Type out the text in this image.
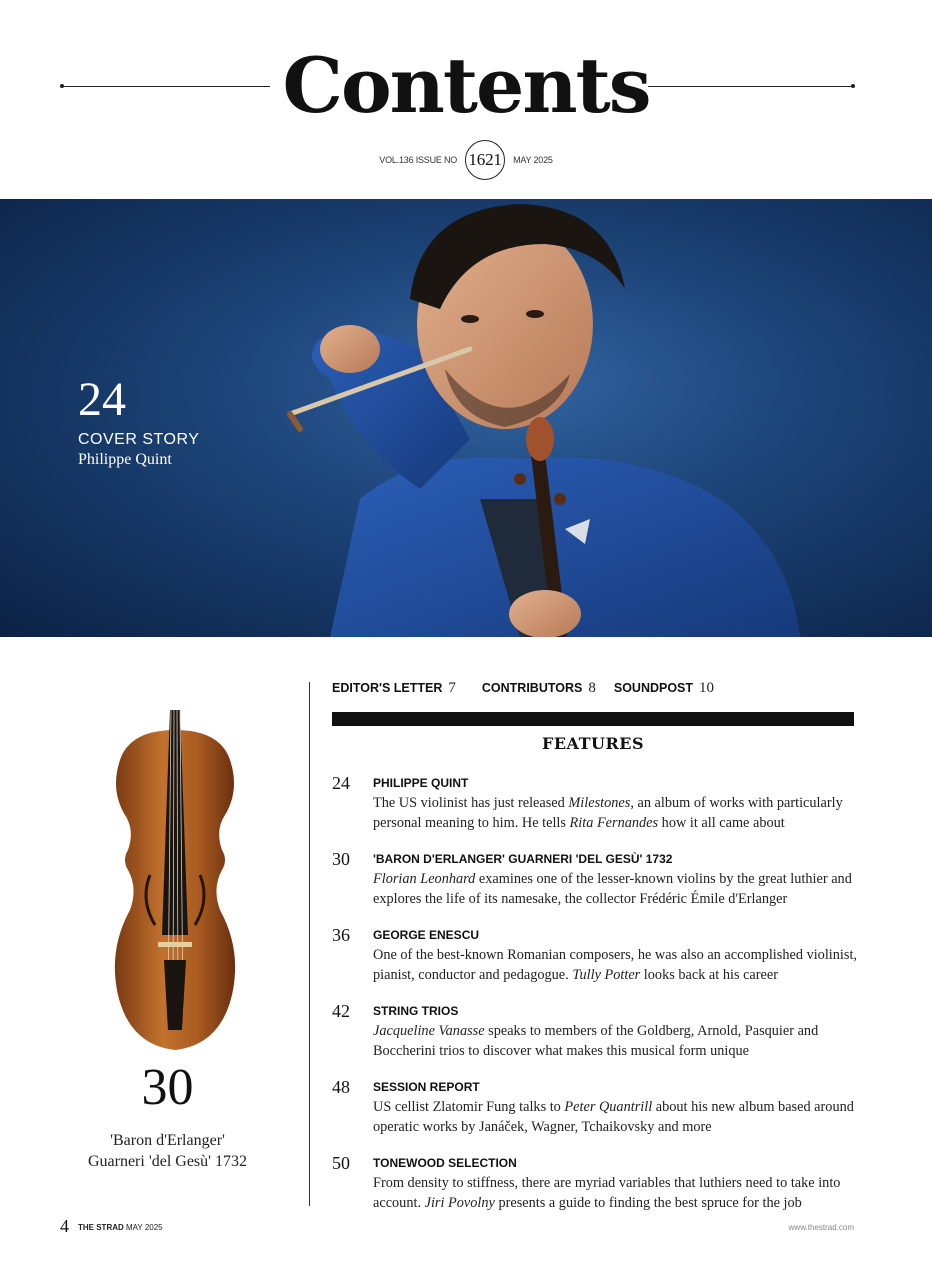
Contents
VOL.136 ISSUE NO 1621	MAY 2025
24
COVER STORY
Philippe Quint
30
'Baron d'Erlanger'
Guarneri 'del Gesù' 1732
EDITOR'S LETTER 7 CONTRIBUTORS 8 SOUNDPOST 10
FEATURES
24 PHILIPPE QUINT
The US violinist has just released Milestones, an album of works with particularly personal meaning to him. He tells Rita Fernandes how it all came about
30 'BARON D'ERLANGER' GUARNERI 'DEL GESÙ' 1732
Florian Leonhard examines one of the lesser-known violins by the great luthier and explores the life of its namesake, the collector Frédéric Émile d'Erlanger
36 GEORGE ENESCU
One of the best-known Romanian composers, he was also an accomplished violinist, pianist, conductor and pedagogue. Tully Potter looks back at his career
42 STRING TRIOS
Jacqueline Vanasse speaks to members of the Goldberg, Arnold, Pasquier and Boccherini trios to discover what makes this musical form unique
48 SESSION REPORT
US cellist Zlatomir Fung talks to Peter Quantrill about his new album based around operatic works by Janáček, Wagner, Tchaikovsky and more
50 TONEWOOD SELECTION
From density to stiffness, there are myriad variables that luthiers need to take into account. Jiri Povolny presents a guide to finding the best spruce for the job
4 THE STRAD MAY 2025	www.thestrad.com
